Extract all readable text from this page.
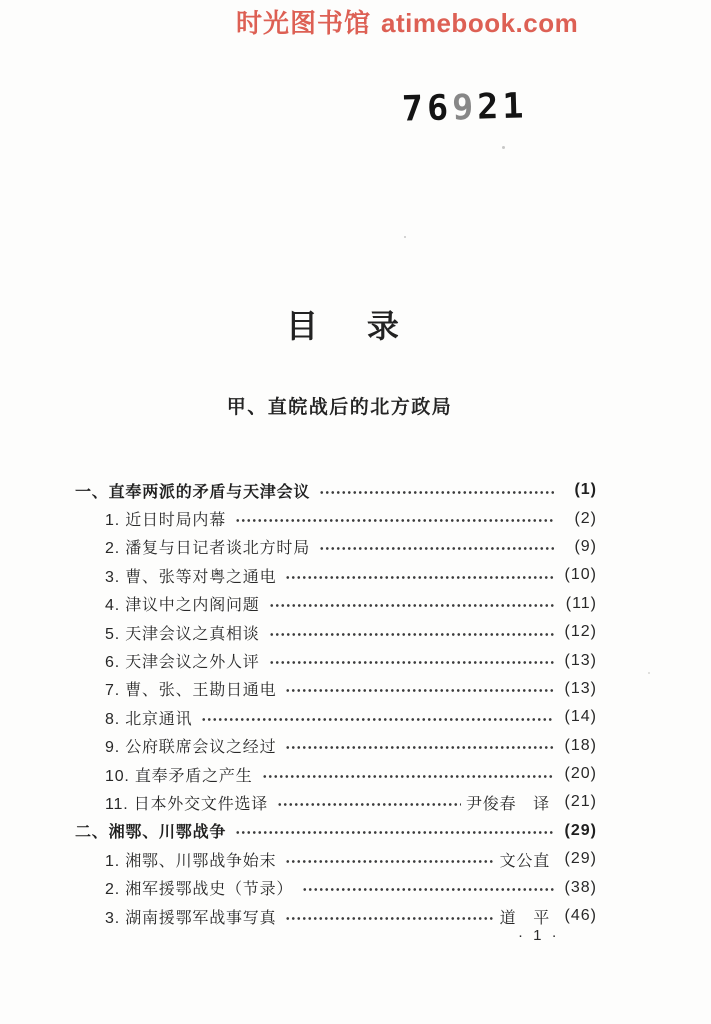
时光图书馆 atimebook.com
76921
目 录
甲、直皖战后的北方政局
一、直奉两派的矛盾与天津会议	(1)
1. 近日时局内幕	(2)
2. 潘复与日记者谈北方时局	(9)
3. 曹、张等对粤之通电	(10)
4. 津议中之内阁问题	(11)
5. 天津会议之真相谈	(12)
6. 天津会议之外人评	(13)
7. 曹、张、王勘日通电	(13)
8. 北京通讯	(14)
9. 公府联席会议之经过	(18)
10. 直奉矛盾之产生	(20)
11. 日本外交文件选译	尹俊春　译 (21)
二、湘鄂、川鄂战争	(29)
1. 湘鄂、川鄂战争始末	文公直 (29)
2. 湘军援鄂战史（节录）	(38)
3. 湖南援鄂军战事写真	道　平 (46)
· 1 ·
